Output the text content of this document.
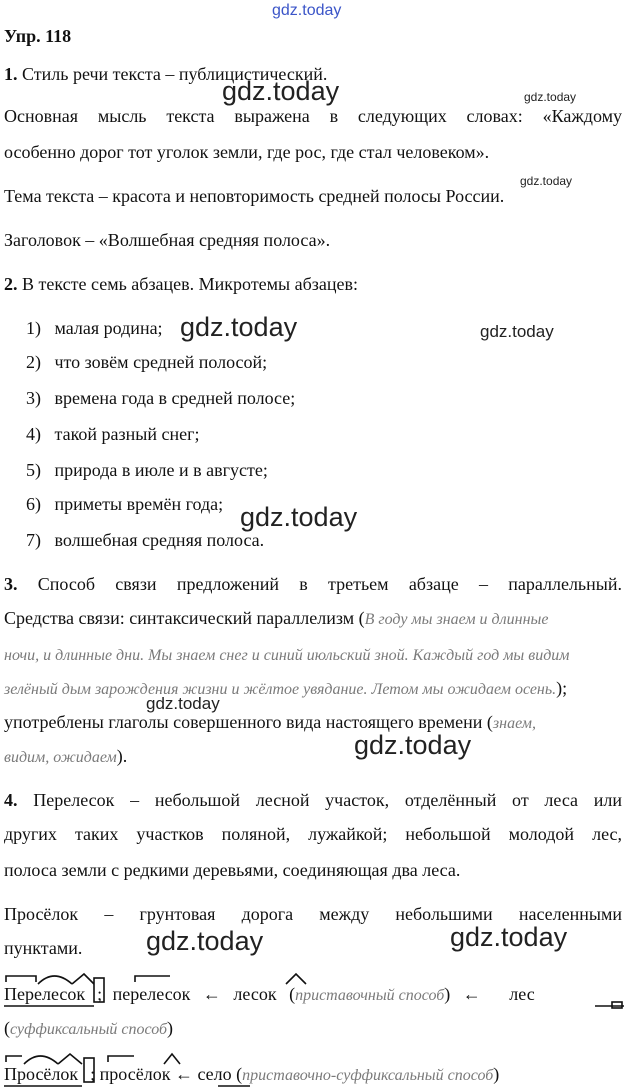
gdz.today
gdz.today	gdz.today
gdz.today
gdz.today	gdz.today
gdz.today
gdz.today
gdz.today
gdz.today	gdz.today
Упр. 118
1. Стиль речи текста – публицистический.
Основная мысль текста выражена в следующих словах: «Каждому
особенно дорог тот уголок земли, где рос, где стал человеком».
Тема текста – красота и неповторимость средней полосы России.
Заголовок – «Волшебная средняя полоса».
2. В тексте семь абзацев. Микротемы абзацев:
1) малая родина;
2) что зовём средней полосой;
3) времена года в средней полосе;
4) такой разный снег;
5) природа в июле и в августе;
6) приметы времён года;
7) волшебная средняя полоса.
3. Способ связи предложений в третьем абзаце – параллельный.
Средства связи: синтаксический параллелизм (В году мы знаем и длинные
ночи, и длинные дни. Мы знаем снег и синий июльский зной. Каждый год мы видим
зелёный дым зарождения жизни и жёлтое увядание. Летом мы ожидаем осень.);
употреблены глаголы совершенного вида настоящего времени (знаем,
видим, ожидаем).
4. Перелесок – небольшой лесной участок, отделённый от леса или
других таких участков поляной, лужайкой; небольшой молодой лес,
полоса земли с редкими деревьями, соединяющая два леса.
Просёлок – грунтовая дорога между небольшими населенными
пунктами.
Перелесок ; перелесок ← лесок (приставочный способ) ← лес
(суффиксальный способ)
Просёлок ; просёлок ← село (приставочно-суффиксальный способ)
